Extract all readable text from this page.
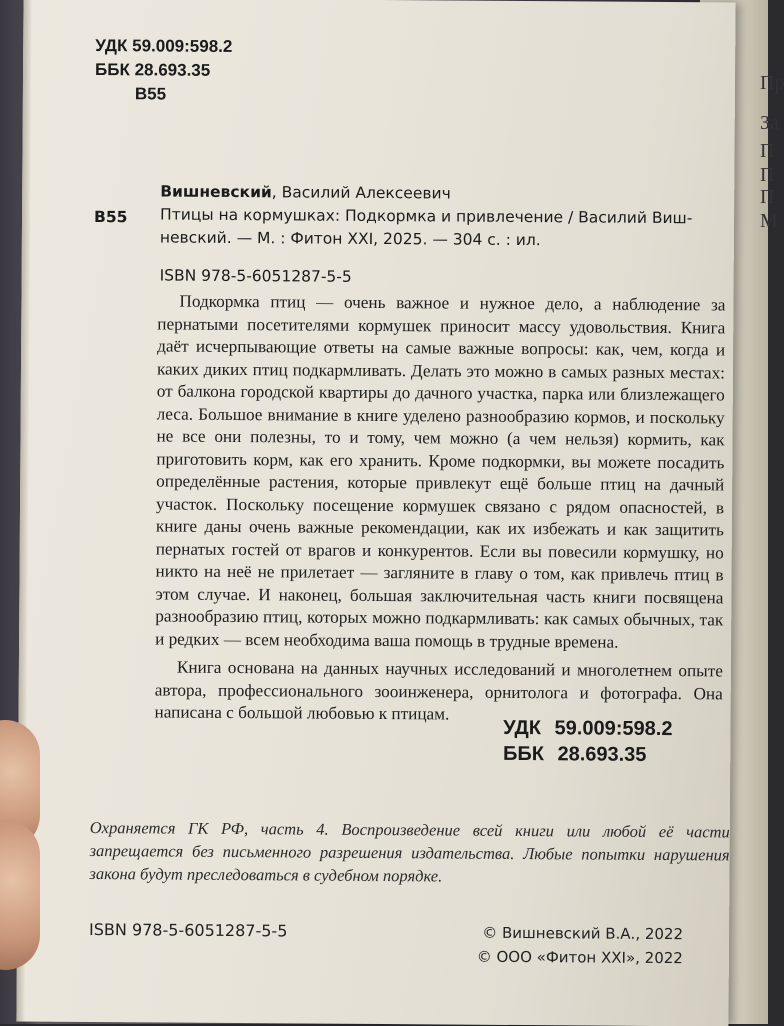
Пр
За
П
П
П
М
УДК 59.009:598.2
ББК 28.693.35
В55
В55
Вишневский, Василий Алексеевич
Птицы на кормушках: Подкормка и привлечение / Василий Виш-
невский. — М. : Фитон XXI, 2025. — 304 с. : ил.
ISBN 978-5-6051287-5-5

Подкормка птиц — очень важное и нужное дело, а наблюдение за пернатыми посетителями кормушек приносит массу удовольствия. Книга даёт исчерпывающие ответы на самые важные вопросы: как, чем, когда и каких диких птиц подкармливать. Делать это можно в самых разных местах: от балкона городской квартиры до дачного участка, парка или близлежащего леса. Большое внимание в книге уделено разнообразию кормов, и поскольку не все они полезны, то и тому, чем можно (а чем нельзя) кормить, как приготовить корм, как его хранить. Кроме подкормки, вы можете посадить определённые растения, которые привлекут ещё больше птиц на дачный участок. Поскольку посещение кормушек связано с рядом опасностей, в книге даны очень важные рекомендации, как их избежать и как защитить пернатых гостей от врагов и конкурентов. Если вы повесили кормушку, но никто на неё не прилетает — загляните в главу о том, как привлечь птиц в этом случае. И наконец, большая заключительная часть книги посвящена разнообразию птиц, которых можно подкармливать: как самых обычных, так и редких — всем необходима ваша помощь в трудные времена.

Книга основана на данных научных исследований и многолетнем опыте автора, профессионального зооинженера, орнитолога и фотографа. Она написана с большой любовью к птицам.

УДК 59.009:598.2
ББК 28.693.35
Охраняется ГК РФ, часть 4. Воспроизведение всей книги или любой её части запрещается без письменного разрешения издательства. Любые попытки нарушения закона будут преследоваться в судебном порядке.
ISBN 978-5-6051287-5-5	© Вишневский В.А., 2022
© ООО «Фитон XXI», 2022
